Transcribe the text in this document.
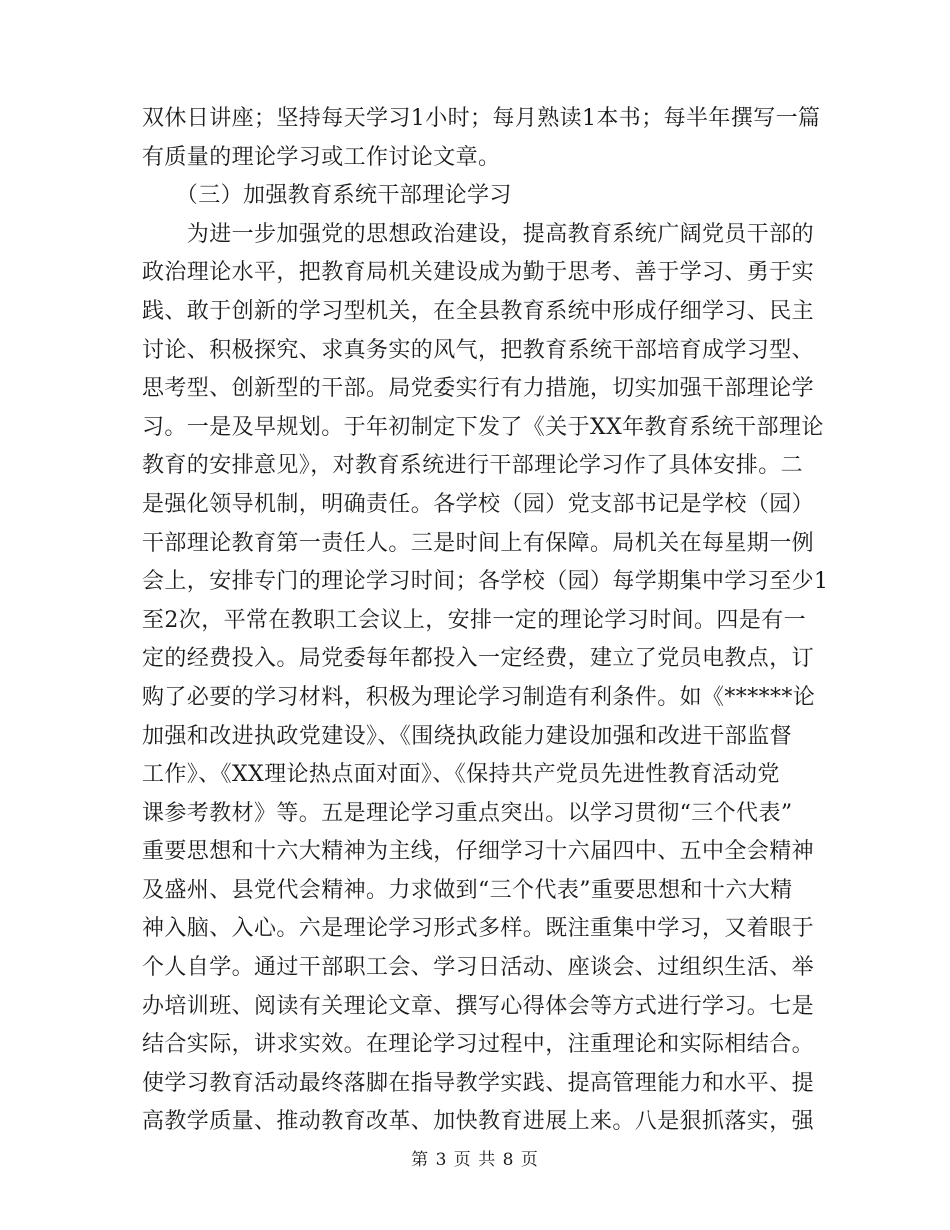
双休日讲座；坚持每天学习1小时；每月熟读1本书；每半年撰写一篇
有质量的理论学习或工作讨论文章。
　　（三）加强教育系统干部理论学习
　　为进一步加强党的思想政治建设，提高教育系统广阔党员干部的
政治理论水平，把教育局机关建设成为勤于思考、善于学习、勇于实
践、敢于创新的学习型机关，在全县教育系统中形成仔细学习、民主
讨论、积极探究、求真务实的风气，把教育系统干部培育成学习型、
思考型、创新型的干部。局党委实行有力措施，切实加强干部理论学
习。一是及早规划。于年初制定下发了《关于XX年教育系统干部理论
教育的安排意见》，对教育系统进行干部理论学习作了具体安排。二
是强化领导机制，明确责任。各学校（园）党支部书记是学校（园）
干部理论教育第一责任人。三是时间上有保障。局机关在每星期一例
会上，安排专门的理论学习时间；各学校（园）每学期集中学习至少1
至2次，平常在教职工会议上，安排一定的理论学习时间。四是有一
定的经费投入。局党委每年都投入一定经费，建立了党员电教点，订
购了必要的学习材料，积极为理论学习制造有利条件。如《******论
加强和改进执政党建设》、《围绕执政能力建设加强和改进干部监督
工作》、《XX理论热点面对面》、《保持共产党员先进性教育活动党
课参考教材》等。五是理论学习重点突出。以学习贯彻“三个代表”
重要思想和十六大精神为主线，仔细学习十六届四中、五中全会精神
及盛州、县党代会精神。力求做到“三个代表”重要思想和十六大精
神入脑、入心。六是理论学习形式多样。既注重集中学习，又着眼于
个人自学。通过干部职工会、学习日活动、座谈会、过组织生活、举
办培训班、阅读有关理论文章、撰写心得体会等方式进行学习。七是
结合实际，讲求实效。在理论学习过程中，注重理论和实际相结合。
使学习教育活动最终落脚在指导教学实践、提高管理能力和水平、提
高教学质量、推动教育改革、加快教育进展上来。八是狠抓落实，强
第 3 页 共 8 页
